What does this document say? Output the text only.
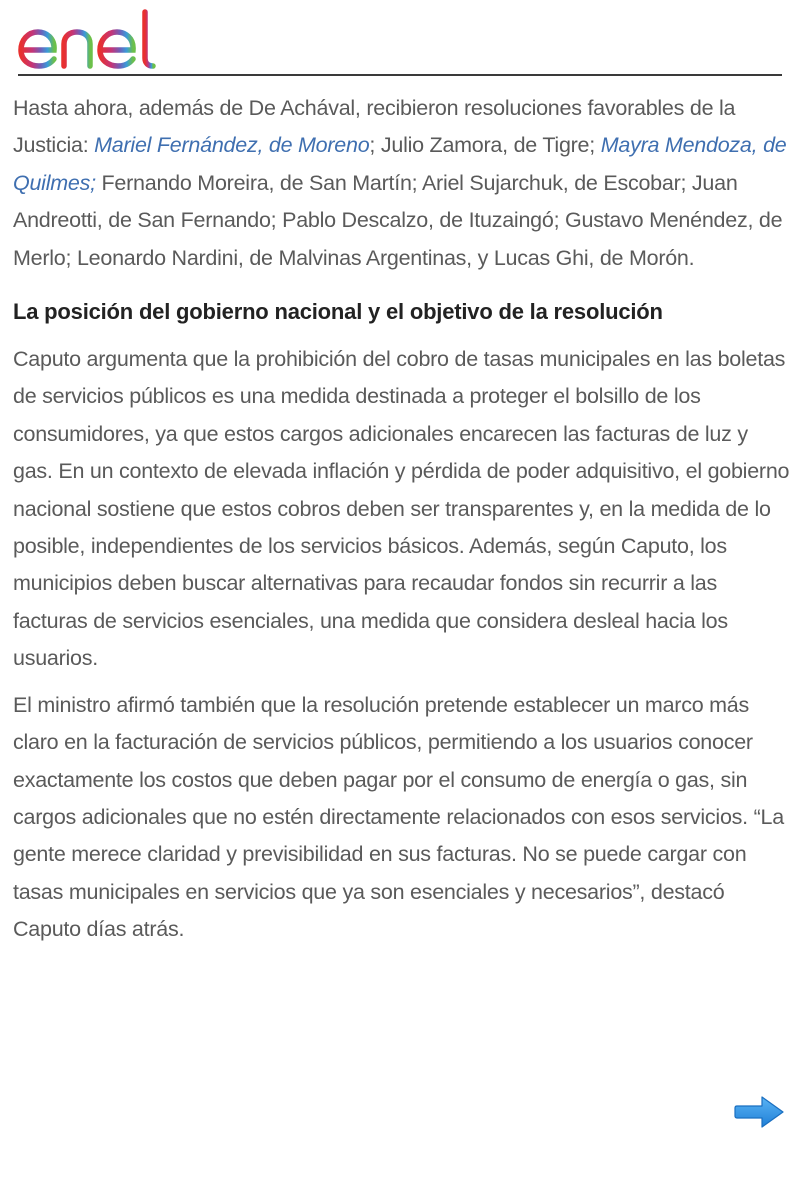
Hasta ahora, además de De Achával, recibieron resoluciones favorables de la Justicia: Mariel Fernández, de Moreno; Julio Zamora, de Tigre; Mayra Mendoza, de Quilmes; Fernando Moreira, de San Martín; Ariel Sujarchuk, de Escobar; Juan Andreotti, de San Fernando; Pablo Descalzo, de Ituzaingó; Gustavo Menéndez, de Merlo; Leonardo Nardini, de Malvinas Argentinas, y Lucas Ghi, de Morón.

La posición del gobierno nacional y el objetivo de la resolución

Caputo argumenta que la prohibición del cobro de tasas municipales en las boletas de servicios públicos es una medida destinada a proteger el bolsillo de los consumidores, ya que estos cargos adicionales encarecen las facturas de luz y gas. En un contexto de elevada inflación y pérdida de poder adquisitivo, el gobierno nacional sostiene que estos cobros deben ser transparentes y, en la medida de lo posible, independientes de los servicios básicos. Además, según Caputo, los municipios deben buscar alternativas para recaudar fondos sin recurrir a las facturas de servicios esenciales, una medida que considera desleal hacia los usuarios.

El ministro afirmó también que la resolución pretende establecer un marco más claro en la facturación de servicios públicos, permitiendo a los usuarios conocer exactamente los costos que deben pagar por el consumo de energía o gas, sin cargos adicionales que no estén directamente relacionados con esos servicios. “La gente merece claridad y previsibilidad en sus facturas. No se puede cargar con tasas municipales en servicios que ya son esenciales y necesarios”, destacó Caputo días atrás.
